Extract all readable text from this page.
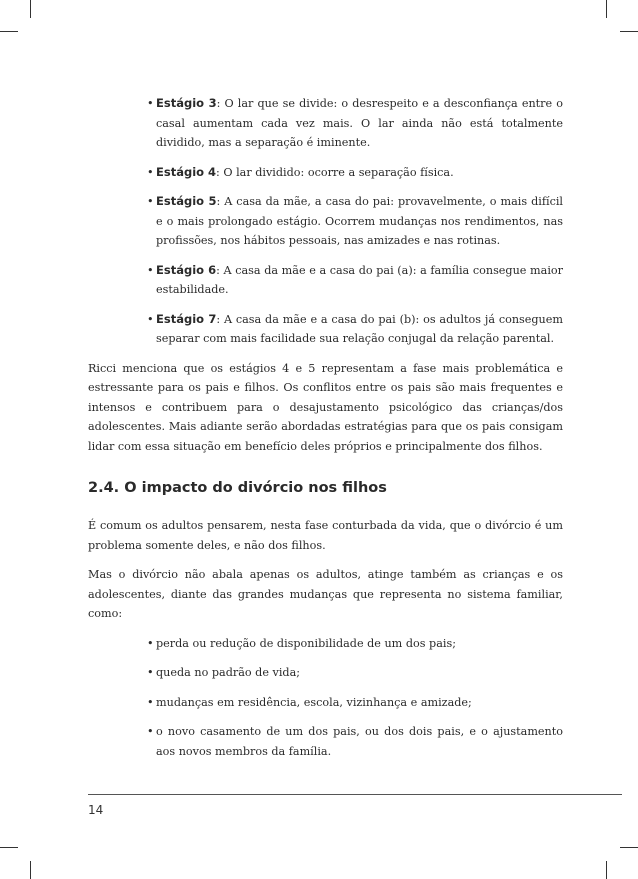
• Estágio 3: O lar que se divide: o desrespeito e a desconfiança entre o casal aumentam cada vez mais. O lar ainda não está totalmente dividido, mas a separação é iminente.
• Estágio 4: O lar dividido: ocorre a separação física.
• Estágio 5: A casa da mãe, a casa do pai: provavelmente, o mais difícil e o mais prolongado estágio. Ocorrem mudanças nos rendimentos, nas profissões, nos hábitos pessoais, nas amizades e nas rotinas.
• Estágio 6: A casa da mãe e a casa do pai (a): a família consegue maior estabilidade.
• Estágio 7: A casa da mãe e a casa do pai (b): os adultos já conseguem separar com mais facilidade sua relação conjugal da relação parental.

Ricci menciona que os estágios 4 e 5 representam a fase mais problemática e estressante para os pais e filhos. Os conflitos entre os pais são mais frequentes e intensos e contribuem para o desajustamento psicológico das crianças/dos adolescentes. Mais adiante serão abordadas estratégias para que os pais consigam lidar com essa situação em benefício deles próprios e principalmente dos filhos.

2.4. O impacto do divórcio nos filhos

É comum os adultos pensarem, nesta fase conturbada da vida, que o divórcio é um problema somente deles, e não dos filhos.

Mas o divórcio não abala apenas os adultos, atinge também as crianças e os adolescentes, diante das grandes mudanças que representa no sistema familiar, como:

• perda ou redução de disponibilidade de um dos pais;
• queda no padrão de vida;
• mudanças em residência, escola, vizinhança e amizade;
• o novo casamento de um dos pais, ou dos dois pais, e o ajustamento aos novos membros da família.
14
